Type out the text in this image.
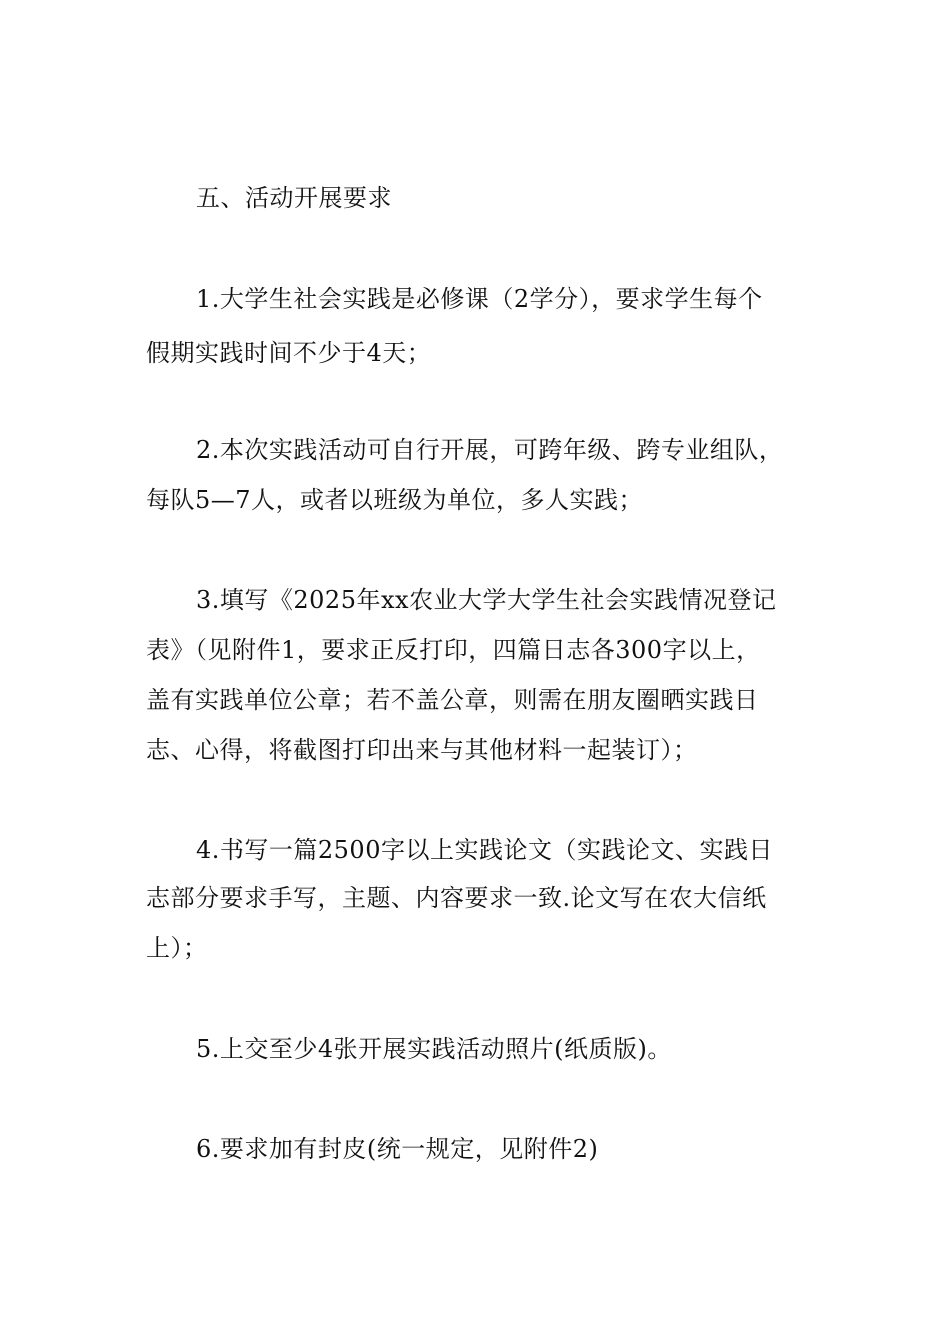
五、活动开展要求
1.大学生社会实践是必修课（2学分），要求学生每个
假期实践时间不少于4天；
2.本次实践活动可自行开展，可跨年级、跨专业组队，
每队5—7人，或者以班级为单位，多人实践；
3.填写《2025年xx农业大学大学生社会实践情况登记
表》（见附件1，要求正反打印，四篇日志各300字以上，
盖有实践单位公章；若不盖公章，则需在朋友圈晒实践日
志、心得，将截图打印出来与其他材料一起装订）；
4.书写一篇2500字以上实践论文（实践论文、实践日
志部分要求手写，主题、内容要求一致.论文写在农大信纸
上）；
5.上交至少4张开展实践活动照片(纸质版)。
6.要求加有封皮(统一规定，见附件2)
